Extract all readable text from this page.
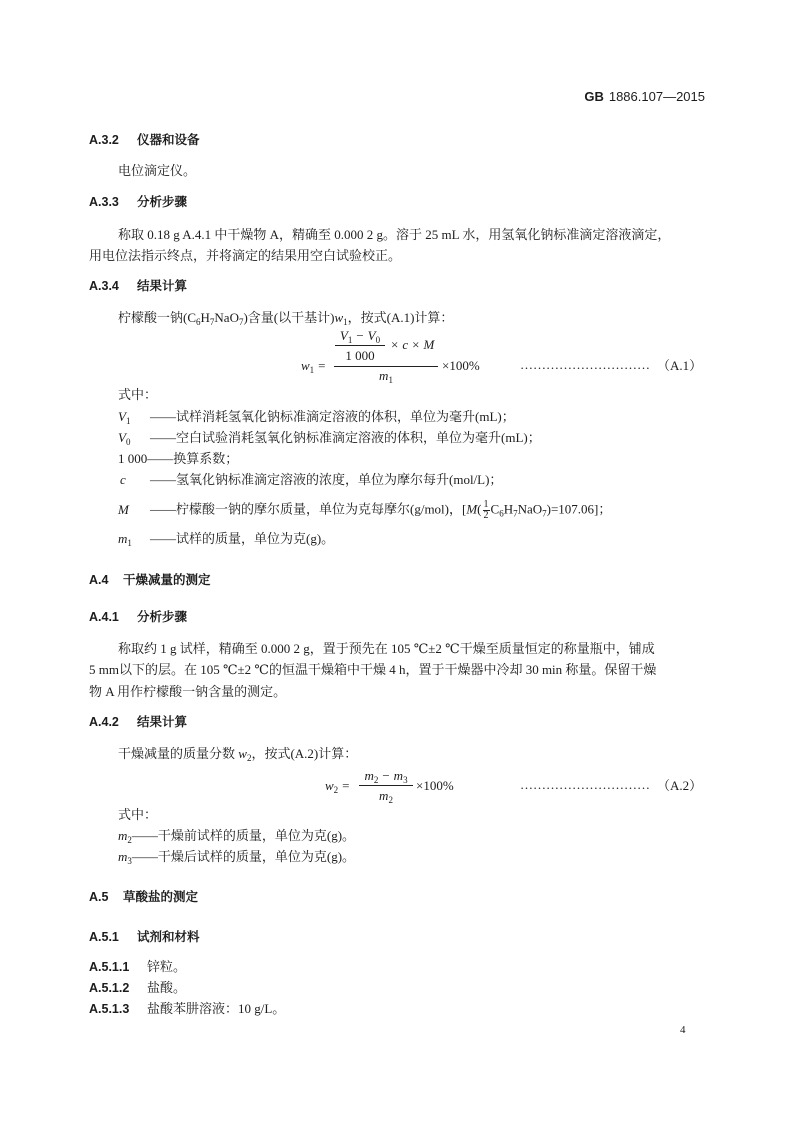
GB 1886.107—2015
A.3.2 仪器和设备
电位滴定仪。
A.3.3 分析步骤
称取 0.18 g A.4.1 中干燥物 A，精确至 0.000 2 g。溶于 25 mL 水，用氢氧化钠标准滴定溶液滴定，
用电位法指示终点，并将滴定的结果用空白试验校正。
A.3.4 结果计算
柠檬酸一钠$(C_6H_7NaO_7)$含量(以干基计)$w_1$，按式(A.1)计算：
$w_1$ =
$V_1 - V_0$
1 000
× c × M
$m_1$
×100%	………………………… （A.1）
式中：
$V_1$ ——试样消耗氢氧化钠标准滴定溶液的体积，单位为毫升(mL)；
$V_0$ ——空白试验消耗氢氧化钠标准滴定溶液的体积，单位为毫升(mL)；
1 000——换算系数；
c ——氢氧化钠标准滴定溶液的浓度，单位为摩尔每升(mol/L)；
M ——柠檬酸一钠的摩尔质量，单位为克每摩尔(g/mol)，$[M( \frac{1}{2} C_6H_7NaO_7)=107.06]$；
$m_1$ ——试样的质量，单位为克(g)。
A.4 干燥减量的测定
A.4.1 分析步骤
称取约 1 g 试样，精确至 0.000 2 g，置于预先在 105 ℃±2 ℃干燥至质量恒定的称量瓶中，铺成
5 mm以下的层。在 105 ℃±2 ℃的恒温干燥箱中干燥 4 h，置于干燥器中冷却 30 min 称量。保留干燥
物 A 用作柠檬酸一钠含量的测定。
A.4.2 结果计算
干燥减量的质量分数 $w_2$，按式(A.2)计算：
$w_2$ =
$m_2 - m_3$
$m_2$
×100%	………………………… （A.2）
式中：
$m_2——$干燥前试样的质量，单位为克(g)。
$m_3——$干燥后试样的质量，单位为克(g)。
A.5 草酸盐的测定
A.5.1 试剂和材料
A.5.1.1 锌粒。
A.5.1.2 盐酸。
A.5.1.3 盐酸苯肼溶液：10 g/L。
4
